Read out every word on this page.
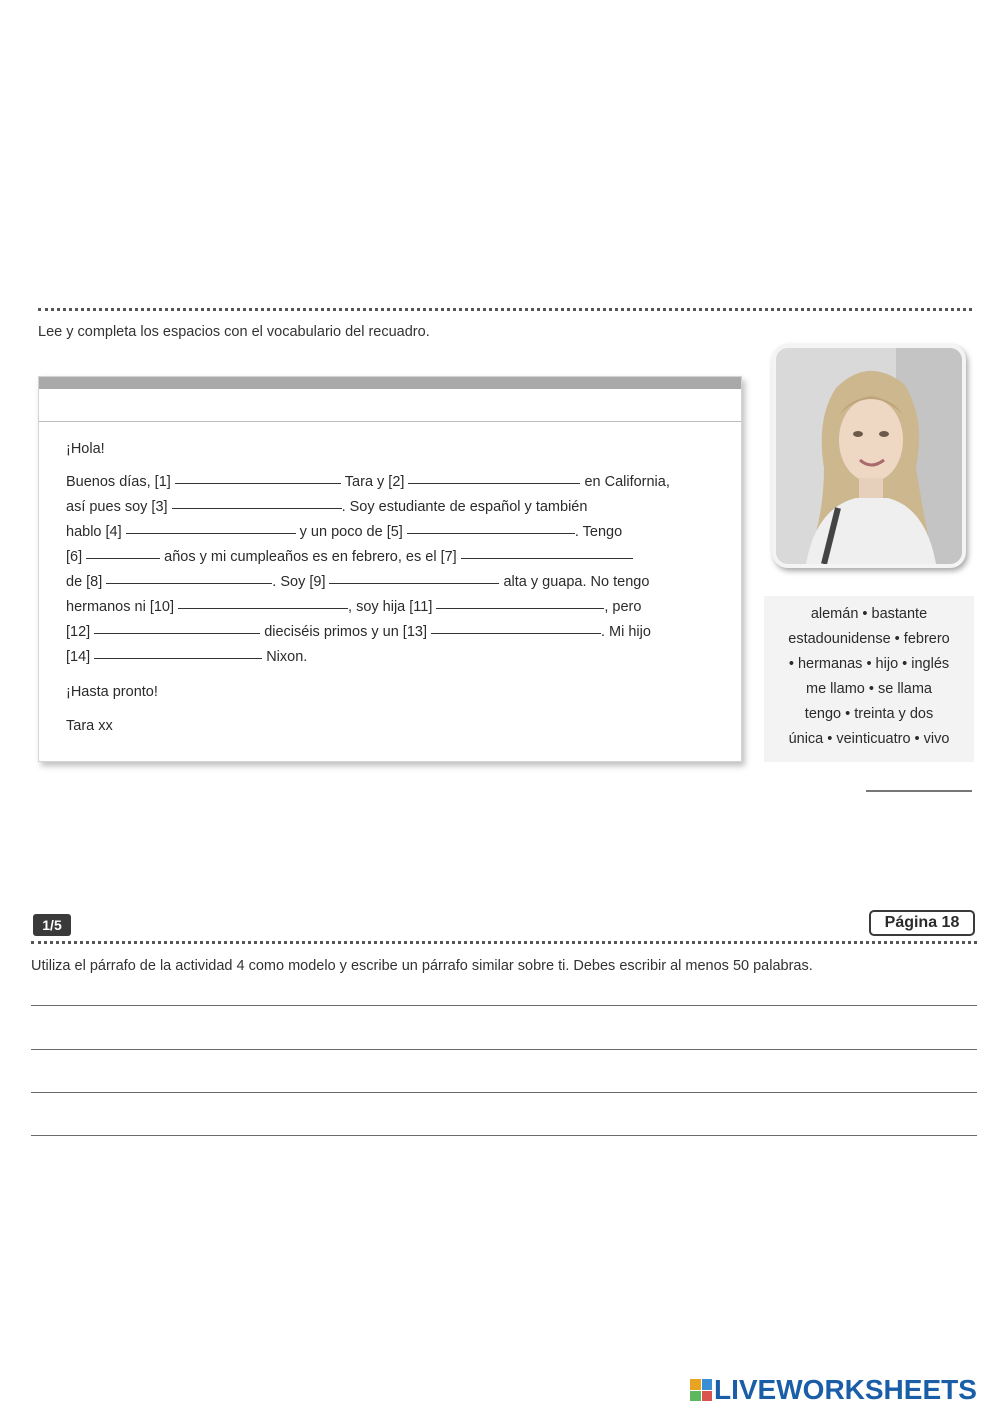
Lee y completa los espacios con el vocabulario del recuadro.
¡Hola!
Buenos días, [1]	Tara y [2]	en California,
así pues soy [3]	. Soy estudiante de español y también
hablo [4]	y un poco de [5]	. Tengo
[6]	años y mi cumpleaños es en febrero, es el [7]
de [8]	. Soy [9]	alta y guapa. No tengo
hermanos ni [10]	, soy hija [11]	, pero
[12]	dieciséis primos y un [13]	. Mi hijo
[14]	Nixon.
¡Hasta pronto!
Tara xx
alemán • bastante
estadounidense • febrero
• hermanas • hijo • inglés
me llamo • se llama
tengo • treinta y dos
única • veinticuatro • vivo
1/5	Página 18
Utiliza el párrafo de la actividad 4 como modelo y escribe un párrafo similar sobre ti. Debes escribir al menos 50 palabras.
LIVEWORKSHEETS
